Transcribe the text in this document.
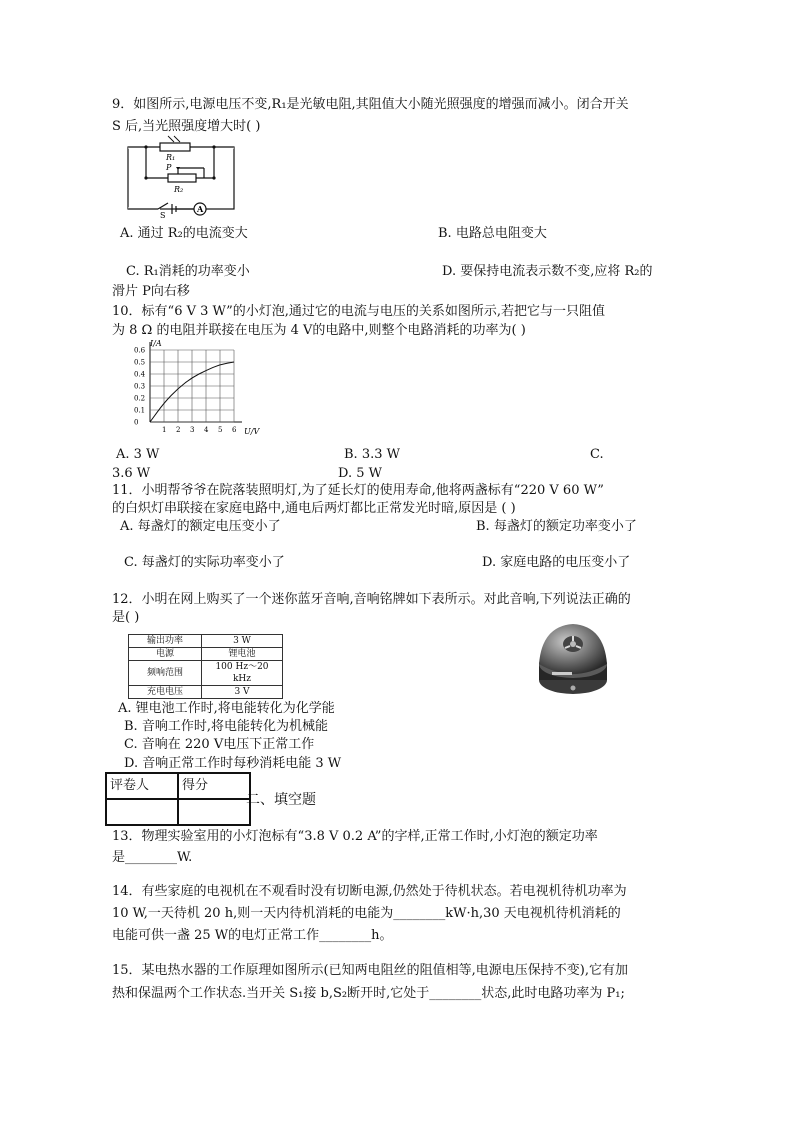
9．如图所示,电源电压不变,R₁是光敏电阻,其阻值大小随光照强度的增强而减小。闭合开关
S 后,当光照强度增大时( )
R₁
P
R₂
S
A
A. 通过 R₂的电流变大	B. 电路总电阻变大
C. R₁消耗的功率变小	D. 要保持电流表示数不变,应将 R₂的
滑片 P向右移
10．标有“6 V 3 W”的小灯泡,通过它的电流与电压的关系如图所示,若把它与一只阻值
为 8 Ω 的电阻并联接在电压为 4 V的电路中,则整个电路消耗的功率为( )
1 2 3 4 5 6
0
0.1
0.2
0.3
0.4
0.5
0.6
I/A
U/V
A. 3 W	B. 3.3 W	C.
3.6 W	D. 5 W
11．小明帮爷爷在院落装照明灯,为了延长灯的使用寿命,他将两盏标有“220 V 60 W”
的白炽灯串联接在家庭电路中,通电后两灯都比正常发光时暗,原因是 ( )
A. 每盏灯的额定电压变小了	B. 每盏灯的额定功率变小了
C. 每盏灯的实际功率变小了	D. 家庭电路的电压变小了
12．小明在网上购买了一个迷你蓝牙音响,音响铭牌如下表所示。对此音响,下列说法正确的
是( )
输出功率	3 W
电源	锂电池
频响范围	100 Hz～20 kHz
充电电压	3 V
A. 锂电池工作时,将电能转化为化学能
B. 音响工作时,将电能转化为机械能
C. 音响在 220 V电压下正常工作
D. 音响正常工作时每秒消耗电能 3 W
评卷人	得分

二、填空题
13．物理实验室用的小灯泡标有“3.8 V 0.2 A”的字样,正常工作时,小灯泡的额定功率
是________W.
14．有些家庭的电视机在不观看时没有切断电源,仍然处于待机状态。若电视机待机功率为
10 W,一天待机 20 h,则一天内待机消耗的电能为________kW·h,30 天电视机待机消耗的
电能可供一盏 25 W的电灯正常工作________h。
15．某电热水器的工作原理如图所示(已知两电阻丝的阻值相等,电源电压保持不变),它有加
热和保温两个工作状态.当开关 S₁接 b,S₂断开时,它处于________状态,此时电路功率为 P₁;
